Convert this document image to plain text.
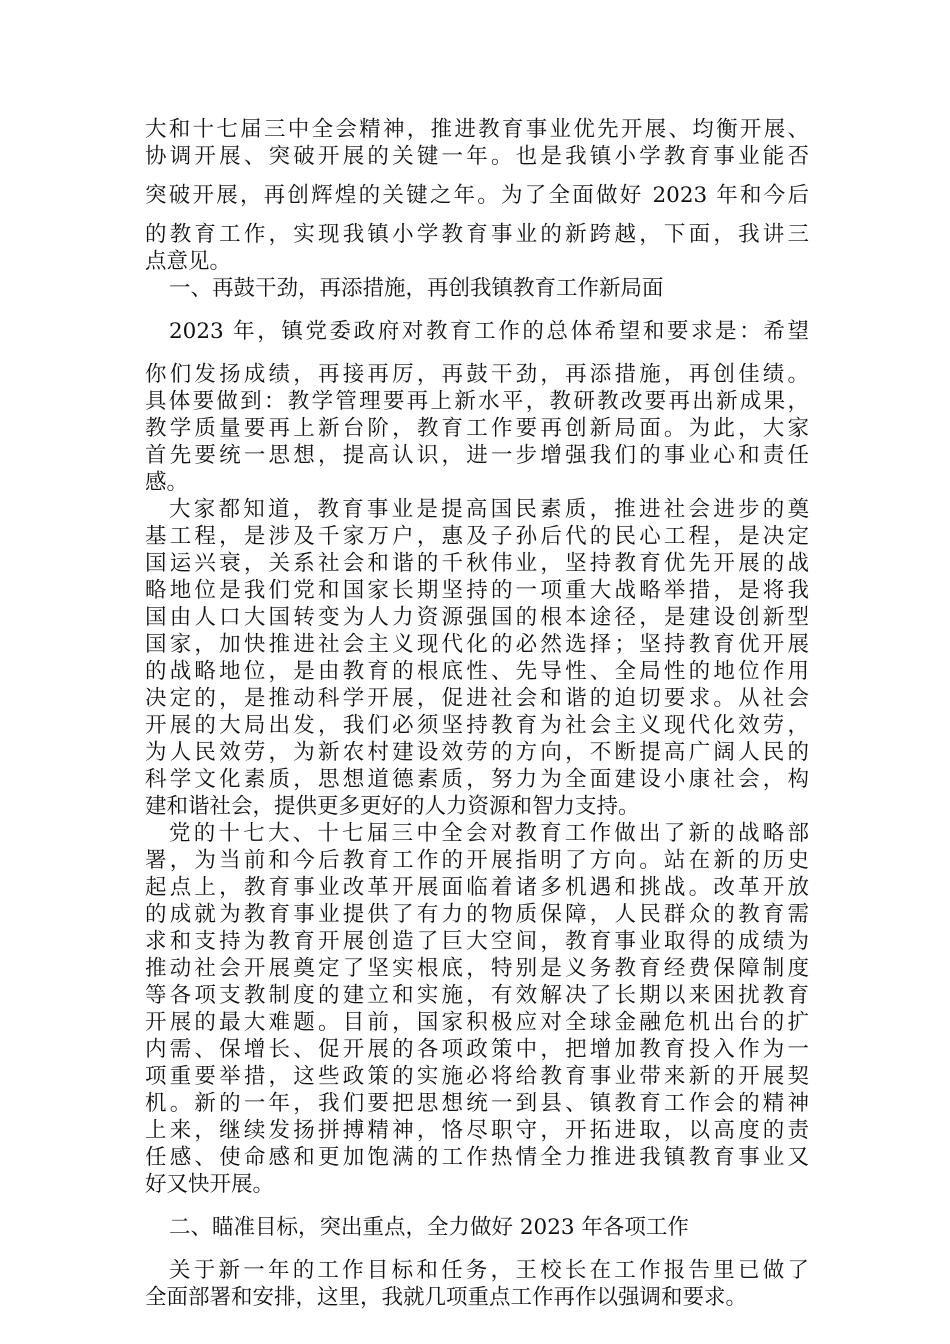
大和十七届三中全会精神，推进教育事业优先开展、均衡开展、
协调开展、突破开展的关键一年。也是我镇小学教育事业能否
突破开展，再创辉煌的关键之年。为了全面做好 2023 年和今后
的教育工作，实现我镇小学教育事业的新跨越，下面，我讲三
点意见。
一、再鼓干劲，再添措施，再创我镇教育工作新局面
2023 年，镇党委政府对教育工作的总体希望和要求是：希望
你们发扬成绩，再接再厉，再鼓干劲，再添措施，再创佳绩。
具体要做到：教学管理要再上新水平，教研教改要再出新成果，
教学质量要再上新台阶，教育工作要再创新局面。为此，大家
首先要统一思想，提高认识，进一步增强我们的事业心和责任
感。
大家都知道，教育事业是提高国民素质，推进社会进步的奠
基工程，是涉及千家万户，惠及子孙后代的民心工程，是决定
国运兴衰，关系社会和谐的千秋伟业，坚持教育优先开展的战
略地位是我们党和国家长期坚持的一项重大战略举措，是将我
国由人口大国转变为人力资源强国的根本途径，是建设创新型
国家，加快推进社会主义现代化的必然选择；坚持教育优开展
的战略地位，是由教育的根底性、先导性、全局性的地位作用
决定的，是推动科学开展，促进社会和谐的迫切要求。从社会
开展的大局出发，我们必须坚持教育为社会主义现代化效劳，
为人民效劳，为新农村建设效劳的方向，不断提高广阔人民的
科学文化素质，思想道德素质，努力为全面建设小康社会，构
建和谐社会，提供更多更好的人力资源和智力支持。
党的十七大、十七届三中全会对教育工作做出了新的战略部
署，为当前和今后教育工作的开展指明了方向。站在新的历史
起点上，教育事业改革开展面临着诸多机遇和挑战。改革开放
的成就为教育事业提供了有力的物质保障，人民群众的教育需
求和支持为教育开展创造了巨大空间，教育事业取得的成绩为
推动社会开展奠定了坚实根底，特别是义务教育经费保障制度
等各项支教制度的建立和实施，有效解决了长期以来困扰教育
开展的最大难题。目前，国家积极应对全球金融危机出台的扩
内需、保增长、促开展的各项政策中，把增加教育投入作为一
项重要举措，这些政策的实施必将给教育事业带来新的开展契
机。新的一年，我们要把思想统一到县、镇教育工作会的精神
上来，继续发扬拼搏精神，恪尽职守，开拓进取，以高度的责
任感、使命感和更加饱满的工作热情全力推进我镇教育事业又
好又快开展。
二、瞄准目标，突出重点，全力做好 2023 年各项工作
关于新一年的工作目标和任务，王校长在工作报告里已做了
全面部署和安排，这里，我就几项重点工作再作以强调和要求。
